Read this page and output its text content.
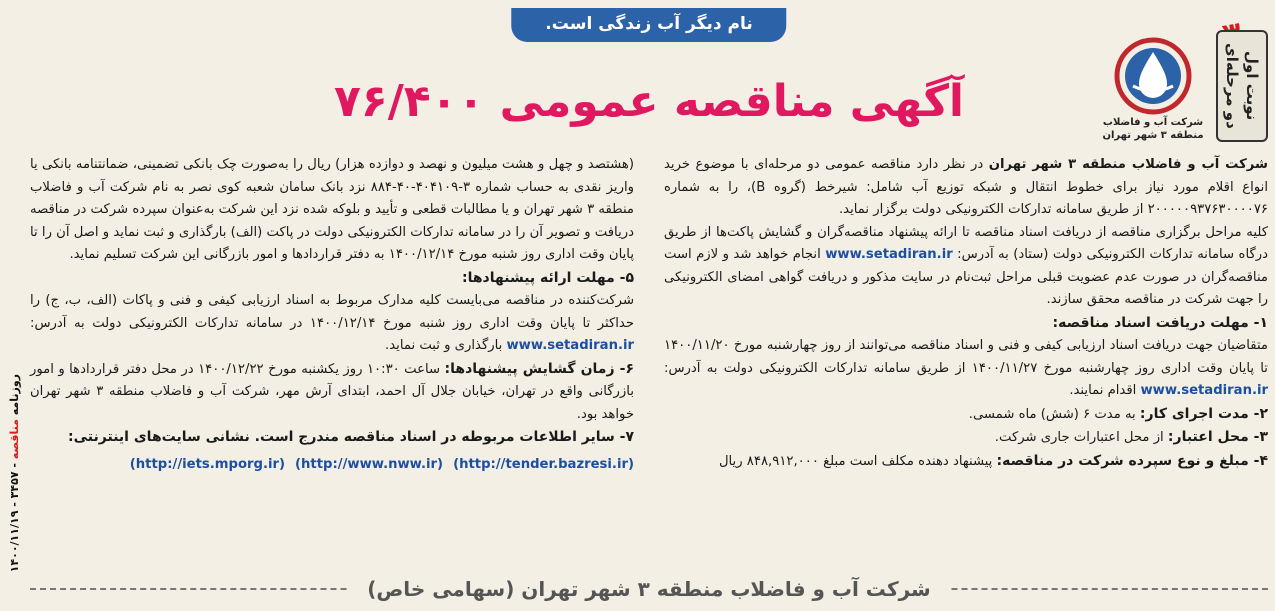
نام دیگر آب زندگی است.
نوبت اول
دو مرحله‌ای
شرکت آب و فاضلاب
منطقه ۳ شهر تهران
آگهی مناقصه عمومی ۷۶/۴۰۰

شرکت آب و فاضلاب منطقه ۳ شهر تهران در نظر دارد مناقصه عمومی دو مرحله‌ای با موضوع خرید انواع اقلام مورد نیاز برای خطوط انتقال و شبکه توزیع آب شامل: شیرخط (گروه B)، را به شماره ۲۰۰۰۰۰۹۳۷۶۳۰۰۰۰۷۶ از طریق سامانه تدارکات الکترونیکی دولت برگزار نماید.

کلیه مراحل برگزاری مناقصه از دریافت اسناد مناقصه تا ارائه پیشنهاد مناقصه‌گران و گشایش پاکت‌ها از طریق درگاه سامانه تدارکات الکترونیکی دولت (ستاد) به آدرس: www.setadiran.ir انجام خواهد شد و لازم است مناقصه‌گران در صورت عدم عضویت قبلی مراحل ثبت‌نام در سایت مذکور و دریافت گواهی امضای الکترونیکی را جهت شرکت در مناقصه محقق سازند.

۱- مهلت دریافت اسناد مناقصه:
متقاضیان جهت دریافت اسناد ارزیابی کیفی و فنی و اسناد مناقصه می‌توانند از روز چهارشنبه مورخ ۱۴۰۰/۱۱/۲۰ تا پایان وقت اداری روز چهارشنبه مورخ ۱۴۰۰/۱۱/۲۷ از طریق سامانه تدارکات الکترونیکی دولت به آدرس: www.setadiran.ir اقدام نمایند.

۲- مدت اجرای کار: به مدت ۶ (شش) ماه شمسی.

۳- محل اعتبار: از محل اعتبارات جاری شرکت.

۴- مبلغ و نوع سپرده شرکت در مناقصه: پیشنهاد دهنده مکلف است مبلغ ۸۴۸,۹۱۲,۰۰۰ ریال

(هشتصد و چهل و هشت میلیون و نهصد و دوازده هزار) ریال را به‌صورت چک بانکی تضمینی، ضمانتنامه بانکی یا واریز نقدی به حساب شماره ۳-۴۰۴۱۰۹-۴۰-۸۸۴ نزد بانک سامان شعبه کوی نصر به نام شرکت آب و فاضلاب منطقه ۳ شهر تهران و یا مطالبات قطعی و تأیید و بلوکه شده نزد این شرکت به‌عنوان سپرده شرکت در مناقصه دریافت و تصویر آن را در سامانه تدارکات الکترونیکی دولت در پاکت (الف) بارگذاری و ثبت نماید و اصل آن را تا پایان وقت اداری روز شنبه مورخ ۱۴۰۰/۱۲/۱۴ به دفتر قراردادها و امور بازرگانی این شرکت تسلیم نماید.

۵- مهلت ارائه پیشنهادها:
شرکت‌کننده در مناقصه می‌بایست کلیه مدارک مربوط به اسناد ارزیابی کیفی و فنی و پاکات (الف، ب، ج) را حداکثر تا پایان وقت اداری روز شنبه مورخ ۱۴۰۰/۱۲/۱۴ در سامانه تدارکات الکترونیکی دولت به آدرس: www.setadiran.ir بارگذاری و ثبت نماید.

۶- زمان گشایش پیشنهادها: ساعت ۱۰:۳۰ روز یکشنبه مورخ ۱۴۰۰/۱۲/۲۲ در محل دفتر قراردادها و امور بازرگانی واقع در تهران، خیابان جلال آل احمد، ابتدای آرش مهر، شرکت آب و فاضلاب منطقه ۳ شهر تهران خواهد بود.

۷- سایر اطلاعات مربوطه در اسناد مناقصه مندرج است. نشانی سایت‌های اینترنتی:

(http://tender.bazresi.ir)
(http://www.nww.ir)
(http://iets.mporg.ir)
شرکت آب و فاضلاب منطقه ۳ شهر تهران (سهامی خاص)
روزنامه مناقصه - ۳۴۵۷ - ۱۴۰۰/۱۱/۱۹
